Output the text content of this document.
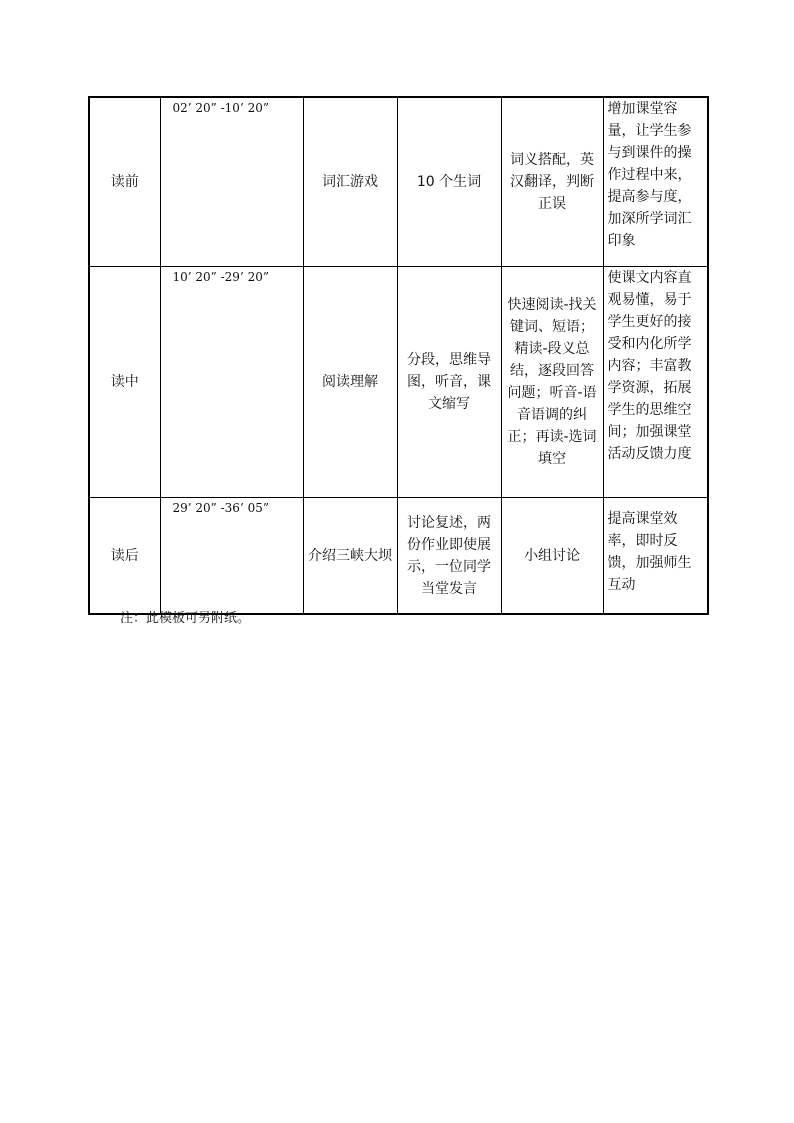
读前	02’ 20” -10’ 20”	词汇游戏	10 个生词	词义搭配，英汉翻译，判断正误	增加课堂容量，让学生参与到课件的操作过程中来，提高参与度，加深所学词汇印象
读中	10’ 20” -29’ 20”	阅读理解	分段，思维导图，听音，课文缩写	快速阅读-找关键词、短语；精读-段义总结，逐段回答问题；听音-语音语调的纠正；再读-选词填空	使课文内容直观易懂，易于学生更好的接受和内化所学内容；丰富教学资源，拓展学生的思维空间；加强课堂活动反馈力度
读后	29’ 20” -36’ 05”	介绍三峡大坝	讨论复述，两份作业即使展示，一位同学当堂发言	小组讨论	提高课堂效率，即时反馈，加强师生互动
注：此模板可另附纸。
